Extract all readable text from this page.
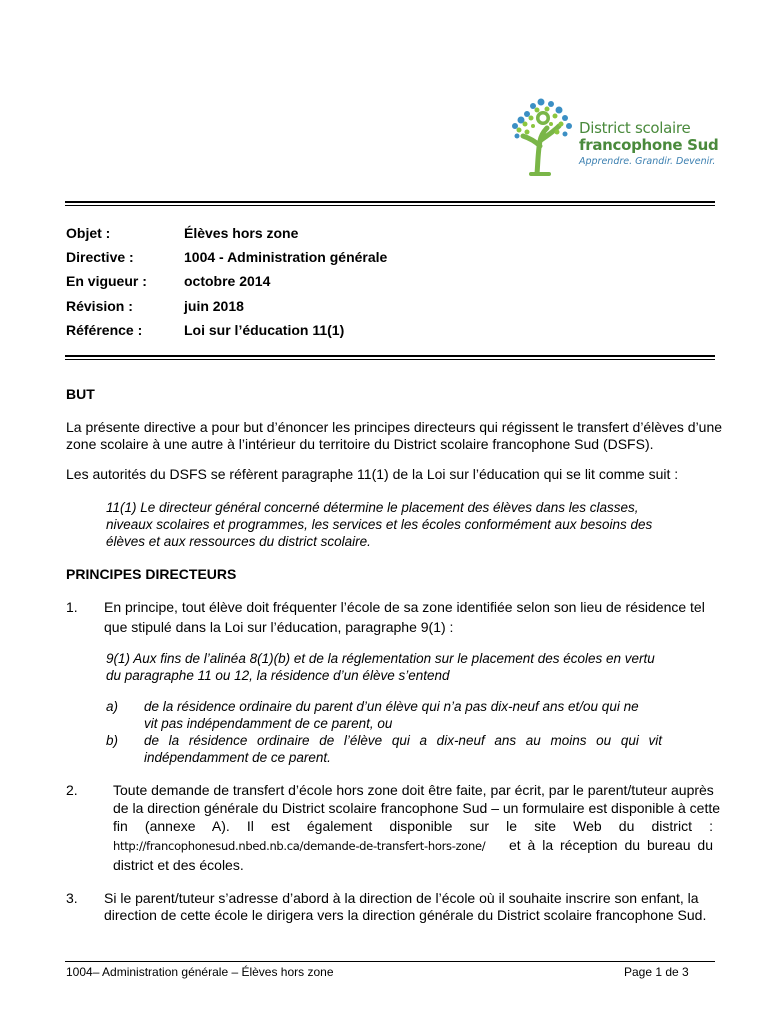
District scolaire
francophone Sud
Apprendre. Grandir. Devenir.
Objet :	Élèves hors zone
Directive :	1004 - Administration générale
En vigueur :	octobre 2014
Révision :	juin 2018
Référence :	Loi sur l’éducation 11(1)
BUT
La présente directive a pour but d’énoncer les principes directeurs qui régissent le transfert d’élèves d’une
zone scolaire à une autre à l’intérieur du territoire du District scolaire francophone Sud (DSFS).
Les autorités du DSFS se réfèrent paragraphe 11(1) de la Loi sur l’éducation qui se lit comme suit :
11(1) Le directeur général concerné détermine le placement des élèves dans les classes,
niveaux scolaires et programmes, les services et les écoles conformément aux besoins des
élèves et aux ressources du district scolaire.
PRINCIPES DIRECTEURS
1. En principe, tout élève doit fréquenter l’école de sa zone identifiée selon son lieu de résidence tel
que stipulé dans la Loi sur l’éducation, paragraphe 9(1) :
9(1) Aux fins de l’alinéa 8(1)(b) et de la réglementation sur le placement des écoles en vertu
du paragraphe 11 ou 12, la résidence d’un élève s’entend
a) de la résidence ordinaire du parent d’un élève qui n’a pas dix-neuf ans et/ou qui ne
vit pas indépendamment de ce parent, ou
b) de la résidence ordinaire de l’élève qui a dix-neuf ans au moins ou qui vit
indépendamment de ce parent.
2.	Toute demande de transfert d’école hors zone doit être faite, par écrit, par le parent/tuteur auprès
de la direction générale du District scolaire francophone Sud – un formulaire est disponible à cette
fin (annexe A). Il est également disponible sur le site Web du district :
http://francophonesud.nbed.nb.ca/demande-de-transfert-hors-zone/ et à la réception du bureau du
district et des écoles.
3. Si le parent/tuteur s’adresse d’abord à la direction de l’école où il souhaite inscrire son enfant, la
direction de cette école le dirigera vers la direction générale du District scolaire francophone Sud.
1004– Administration générale – Élèves hors zone	Page 1 de 3
